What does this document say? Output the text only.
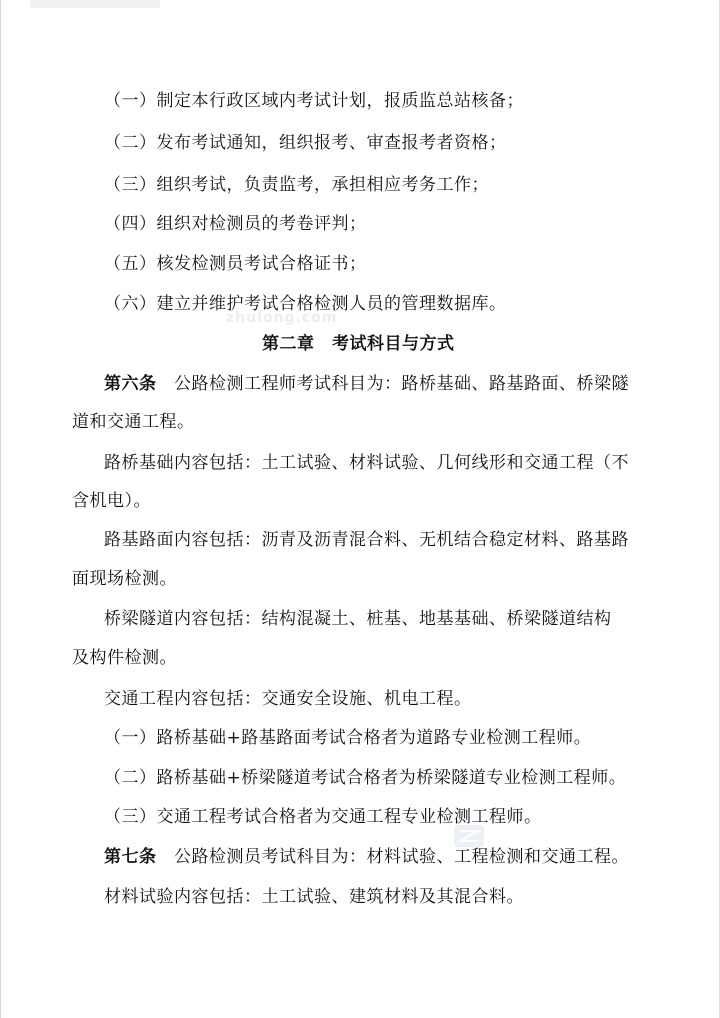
（一）制定本行政区域内考试计划，报质监总站核备；
（二）发布考试通知，组织报考、审查报考者资格；
（三）组织考试，负责监考，承担相应考务工作；
（四）组织对检测员的考卷评判；
（五）核发检测员考试合格证书；
（六）建立并维护考试合格检测人员的管理数据库。
zhulong.com
第二章　考试科目与方式
第六条　公路检测工程师考试科目为：路桥基础、路基路面、桥梁隧
道和交通工程。
路桥基础内容包括：土工试验、材料试验、几何线形和交通工程（不
含机电）。
路基路面内容包括：沥青及沥青混合料、无机结合稳定材料、路基路
面现场检测。
桥梁隧道内容包括：结构混凝土、桩基、地基基础、桥梁隧道结构
及构件检测。
交通工程内容包括：交通安全设施、机电工程。
（一）路桥基础+路基路面考试合格者为道路专业检测工程师。
（二）路桥基础+桥梁隧道考试合格者为桥梁隧道专业检测工程师。
（三）交通工程考试合格者为交通工程专业检测工程师。
第七条　公路检测员考试科目为：材料试验、工程检测和交通工程。
材料试验内容包括：土工试验、建筑材料及其混合料。
